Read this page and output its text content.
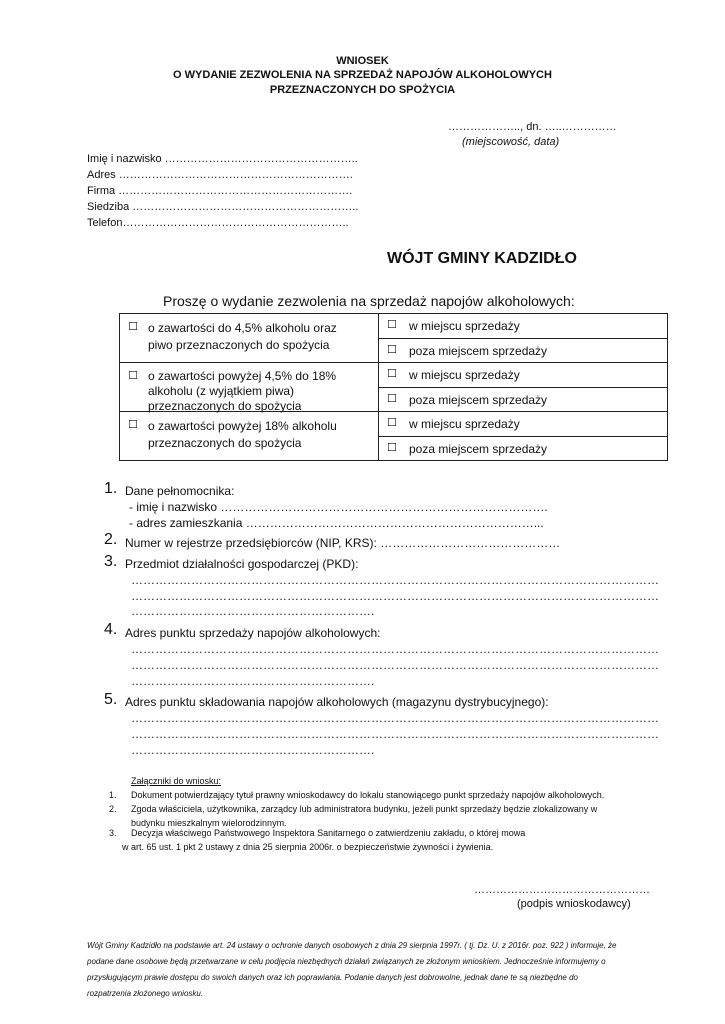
WNIOSEK
O WYDANIE ZEZWOLENIA NA SPRZEDAŻ NAPOJÓW ALKOHOLOWYCH
PRZEZNACZONYCH DO SPOŻYCIA
……………….., dn. …..……………
(miejscowość, data)
Imię i nazwisko ……………………………………………..
Adres ……………………………………………………….
Firma ……………………………………………………….
Siedziba ……………………………………………………..
Telefon……………………………………………………..
WÓJT GMINY KADZIDŁO
Proszę o wydanie zezwolenia na sprzedaż napojów alkoholowych:
☐ o zawartości do 4,5% alkoholu oraz
piwo przeznaczonych do spożycia	☐ w miejscu sprzedaży

	☐ poza miejscem sprzedaży

☐ o zawartości powyżej 4,5% do 18%
alkoholu (z wyjątkiem piwa)
przeznaczonych do spożycia	☐ w miejscu sprzedaży

	☐ poza miejscem sprzedaży

☐ o zawartości powyżej 18% alkoholu
przeznaczonych do spożycia	☐ w miejscu sprzedaży

	☐ poza miejscem sprzedaży
1. Dane pełnomocnika:
- imię i nazwisko ……………………………………………………………………….
- adres zamieszkania ………………………………………………………………...
2. Numer w rejestrze przedsiębiorców (NIP, KRS): ………………………………………
3. Przedmiot działalności gospodarczej (PKD):
……………………………………………………………………………………………………………………
……………………………………………………………………………………………………………………
…………………………………………………….
4. Adres punktu sprzedaży napojów alkoholowych:
……………………………………………………………………………………………………………………
……………………………………………………………………………………………………………………
…………………………………………………….
5. Adres punktu składowania napojów alkoholowych (magazynu dystrybucyjnego):
……………………………………………………………………………………………………………………
……………………………………………………………………………………………………………………
…………………………………………………….
Załączniki do wniosku:
1. Dokument potwierdzający tytuł prawny wnioskodawcy do lokalu stanowiącego punkt sprzedaży napojów alkoholowych.
2. Zgoda właściciela, użytkownika, zarządcy lub administratora budynku, jeżeli punkt sprzedaży będzie zlokalizowany w
budynku mieszkalnym wielorodzinnym.
3. Decyzja właściwego Państwowego Inspektora Sanitarnego o zatwierdzeniu zakładu, o której mowa
w art. 65 ust. 1 pkt 2 ustawy z dnia 25 sierpnia 2006r. o bezpieczeństwie żywności i żywienia.
…………………………………………
(podpis wnioskodawcy)
Wójt Gminy Kadzidło na podstawie art. 24 ustawy o ochronie danych osobowych z dnia 29 sierpnia 1997r. ( tj. Dz. U. z 2016r. poz. 922 ) informuje, że
podane dane osobowe będą przetwarzane w celu podjęcia niezbędnych działań związanych ze złożonym wnioskiem. Jednocześnie informujemy o
przysługującym prawie dostępu do swoich danych oraz ich poprawiania. Podanie danych jest dobrowolne, jednak dane te są niezbędne do
rozpatrzenia złożonego wniosku.
